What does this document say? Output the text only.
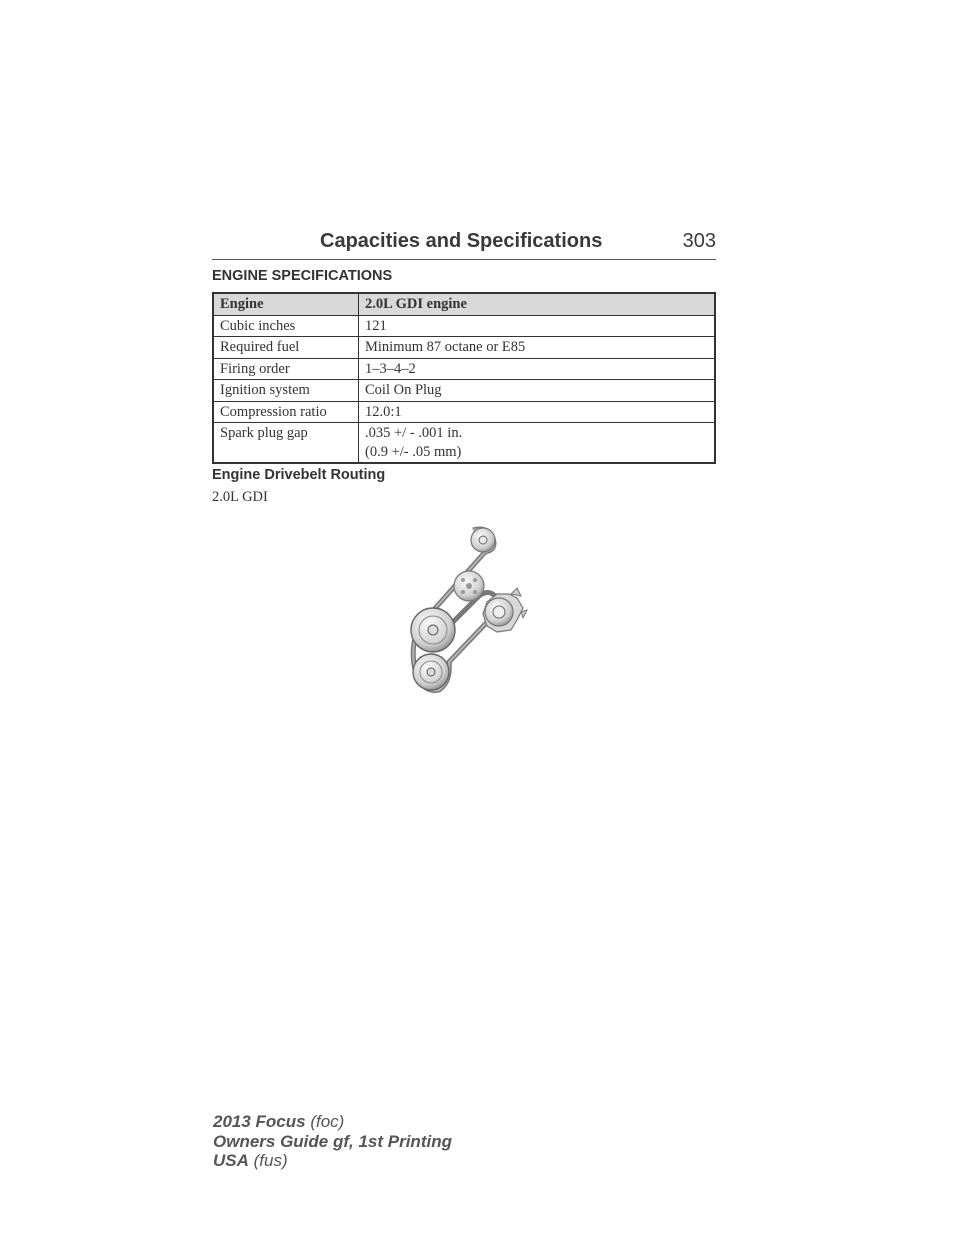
Capacities and Specifications	303
ENGINE SPECIFICATIONS
Engine	2.0L GDI engine
Cubic inches	121
Required fuel	Minimum 87 octane or E85
Firing order	1–3–4–2
Ignition system	Coil On Plug
Compression ratio	12.0:1
Spark plug gap	.035 +/ - .001 in.
(0.9 +/- .05 mm)
Engine Drivebelt Routing
2.0L GDI
2013 Focus (foc)
Owners Guide gf, 1st Printing
USA (fus)
